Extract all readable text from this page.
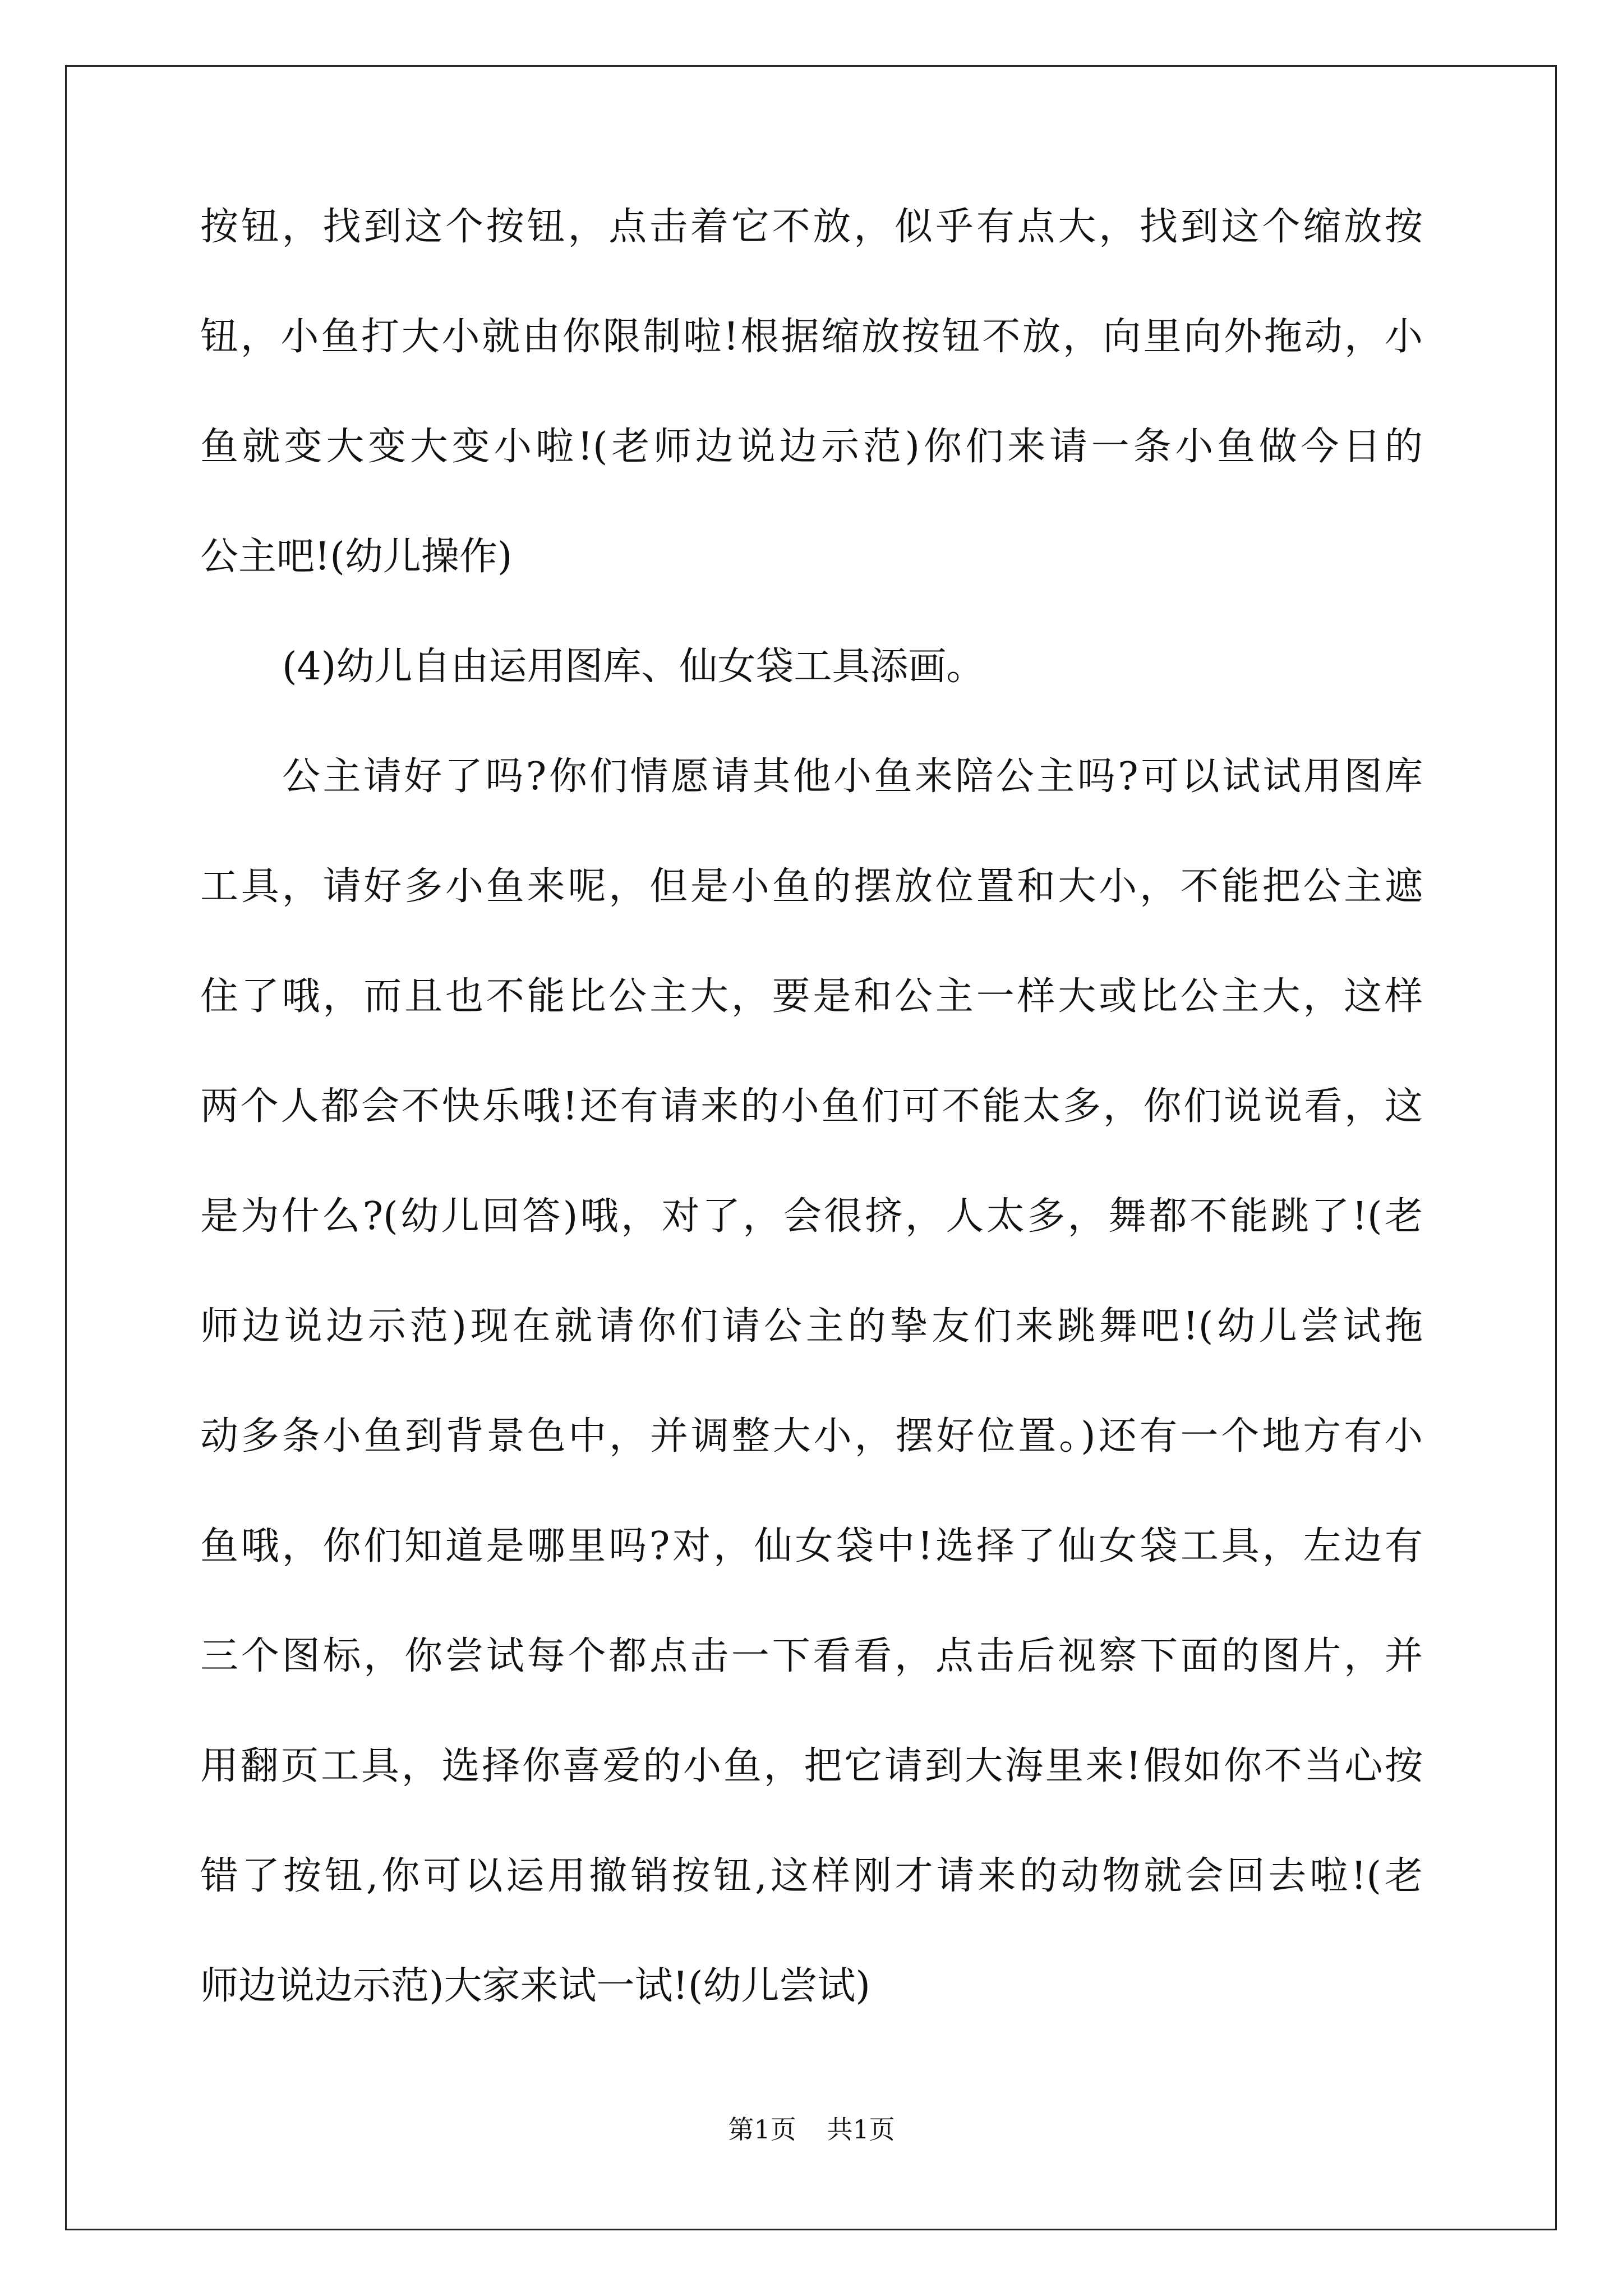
按钮，找到这个按钮，点击着它不放，似乎有点大，找到这个缩放按
钮，小鱼打大小就由你限制啦!根据缩放按钮不放，向里向外拖动，小
鱼就变大变大变小啦!(老师边说边示范)你们来请一条小鱼做今日的
公主吧!(幼儿操作)
(4)幼儿自由运用图库、仙女袋工具添画。
公主请好了吗?你们情愿请其他小鱼来陪公主吗?可以试试用图库
工具，请好多小鱼来呢，但是小鱼的摆放位置和大小，不能把公主遮
住了哦，而且也不能比公主大，要是和公主一样大或比公主大，这样
两个人都会不快乐哦!还有请来的小鱼们可不能太多，你们说说看，这
是为什么?(幼儿回答)哦，对了，会很挤，人太多，舞都不能跳了!(老
师边说边示范)现在就请你们请公主的挚友们来跳舞吧!(幼儿尝试拖
动多条小鱼到背景色中，并调整大小，摆好位置。)还有一个地方有小
鱼哦，你们知道是哪里吗?对，仙女袋中!选择了仙女袋工具，左边有
三个图标，你尝试每个都点击一下看看，点击后视察下面的图片，并
用翻页工具，选择你喜爱的小鱼，把它请到大海里来!假如你不当心按
错了按钮,你可以运用撤销按钮,这样刚才请来的动物就会回去啦!(老
师边说边示范)大家来试一试!(幼儿尝试)
第1页 共1页
